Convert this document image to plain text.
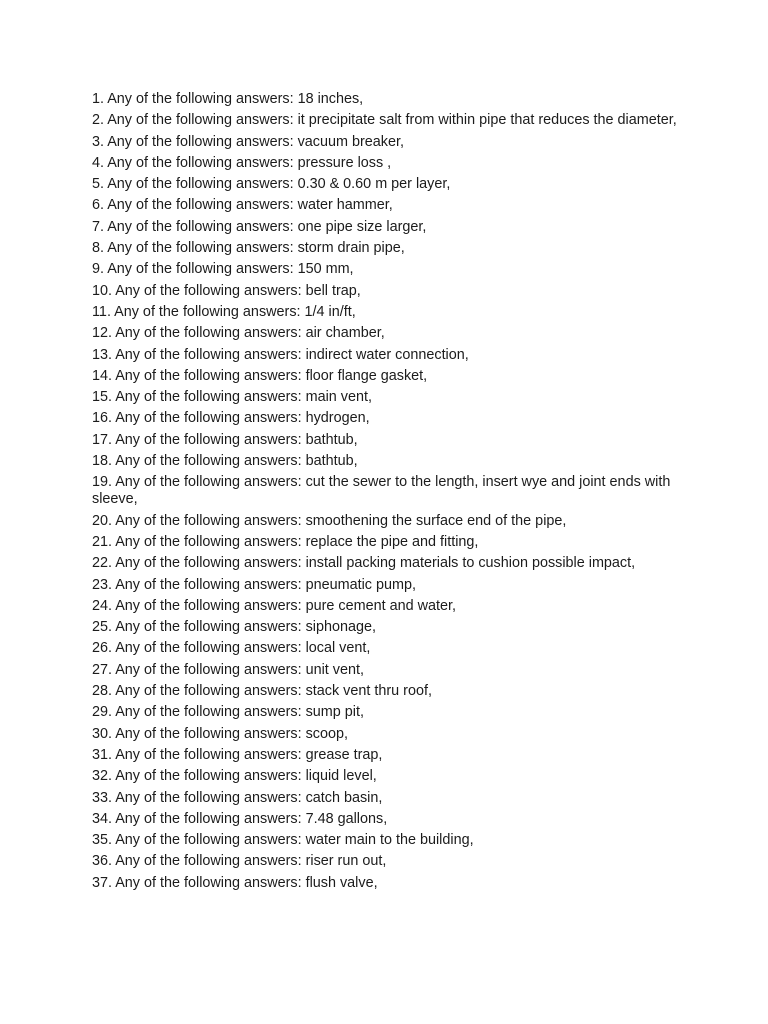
1. Any of the following answers: 18 inches,
2. Any of the following answers: it precipitate salt from within pipe that reduces the diameter,
3. Any of the following answers: vacuum breaker,
4. Any of the following answers: pressure loss ,
5. Any of the following answers: 0.30 & 0.60 m per layer,
6. Any of the following answers: water hammer,
7. Any of the following answers: one pipe size larger,
8. Any of the following answers: storm drain pipe,
9. Any of the following answers: 150 mm,
10. Any of the following answers: bell trap,
11. Any of the following answers: 1/4 in/ft,
12. Any of the following answers: air chamber,
13. Any of the following answers: indirect water connection,
14. Any of the following answers: floor flange gasket,
15. Any of the following answers: main vent,
16. Any of the following answers: hydrogen,
17. Any of the following answers: bathtub,
18. Any of the following answers: bathtub,
19. Any of the following answers: cut the sewer to the length, insert wye and joint ends with sleeve,
20. Any of the following answers: smoothening the surface end of the pipe,
21. Any of the following answers: replace the pipe and fitting,
22. Any of the following answers: install packing materials to cushion possible impact,
23. Any of the following answers: pneumatic pump,
24. Any of the following answers: pure cement and water,
25. Any of the following answers: siphonage,
26. Any of the following answers: local vent,
27. Any of the following answers: unit vent,
28. Any of the following answers: stack vent thru roof,
29. Any of the following answers: sump pit,
30. Any of the following answers: scoop,
31. Any of the following answers: grease trap,
32. Any of the following answers: liquid level,
33. Any of the following answers: catch basin,
34. Any of the following answers: 7.48 gallons,
35. Any of the following answers: water main to the building,
36. Any of the following answers: riser run out,
37. Any of the following answers: flush valve,
